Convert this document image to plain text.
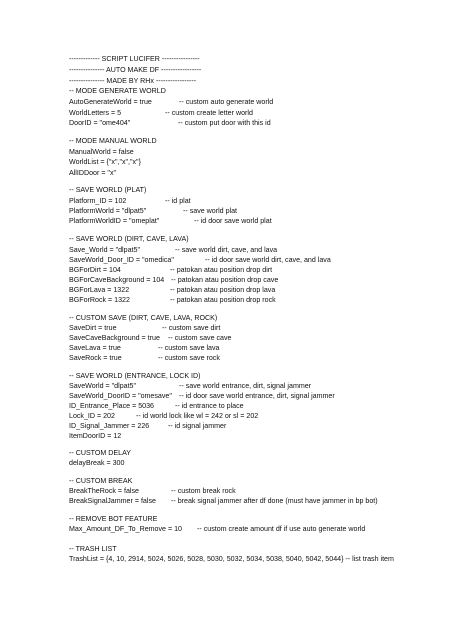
------------- SCRIPT LUCIFER ----------------
--------------- AUTO MAKE DF -----------------
--------------- MADE BY RHx -----------------
-- MODE GENERATE WORLD
AutoGenerateWorld = true	-- custom auto generate world
WorldLetters = 5	-- custom create letter world
DoorID = "ome404"	-- custom put door with this id
-- MODE MANUAL WORLD
ManualWorld = false
WorldList = {"x","x","x"}
AllIDDoor = "x"
-- SAVE WORLD (PLAT)
Platform_ID = 102	-- id plat
PlatformWorld = "dlpat5"	-- save world plat
PlatformWorldID = "omeplat"	-- id door save world plat
-- SAVE WORLD (DIRT, CAVE, LAVA)
Save_World = "dlpat5"	-- save world dirt, cave, and lava
SaveWorld_Door_ID = "omedica"	-- id door save world dirt, cave, and lava
BGForDirt = 104	-- patokan atau position drop dirt
BGForCaveBackground = 104 -- patokan atau position drop cave
BGForLava = 1322	-- patokan atau position drop lava
BGForRock = 1322	-- patokan atau position drop rock
-- CUSTOM SAVE (DIRT, CAVE, LAVA, ROCK)
SaveDirt = true	-- custom save dirt
SaveCaveBackground = true -- custom save cave
SaveLava = true	-- custom save lava
SaveRock = true	-- custom save rock
-- SAVE WORLD (ENTRANCE, LOCK ID)
SaveWorld = "dlpat5"	-- save world entrance, dirt, signal jammer
SaveWorld_DoorID = "omesave" -- id door save world entrance, dirt, signal jammer
ID_Entrance_Place = 5036	-- id entrance to place
Lock_ID = 202	-- id world lock like wl = 242 or sl = 202
ID_Signal_Jammer = 226	-- id signal jammer
ItemDoorID = 12
-- CUSTOM DELAY
delayBreak = 300
-- CUSTOM BREAK
BreakTheRock = false	-- custom break rock
BreakSignalJammer = false -- break signal jammer after df done (must have jammer in bp bot)
-- REMOVE BOT FEATURE
Max_Amount_DF_To_Remove = 10 -- custom create amount df if use auto generate world
-- TRASH LIST
TrashList = {4, 10, 2914, 5024, 5026, 5028, 5030, 5032, 5034, 5038, 5040, 5042, 5044} -- list trash item
